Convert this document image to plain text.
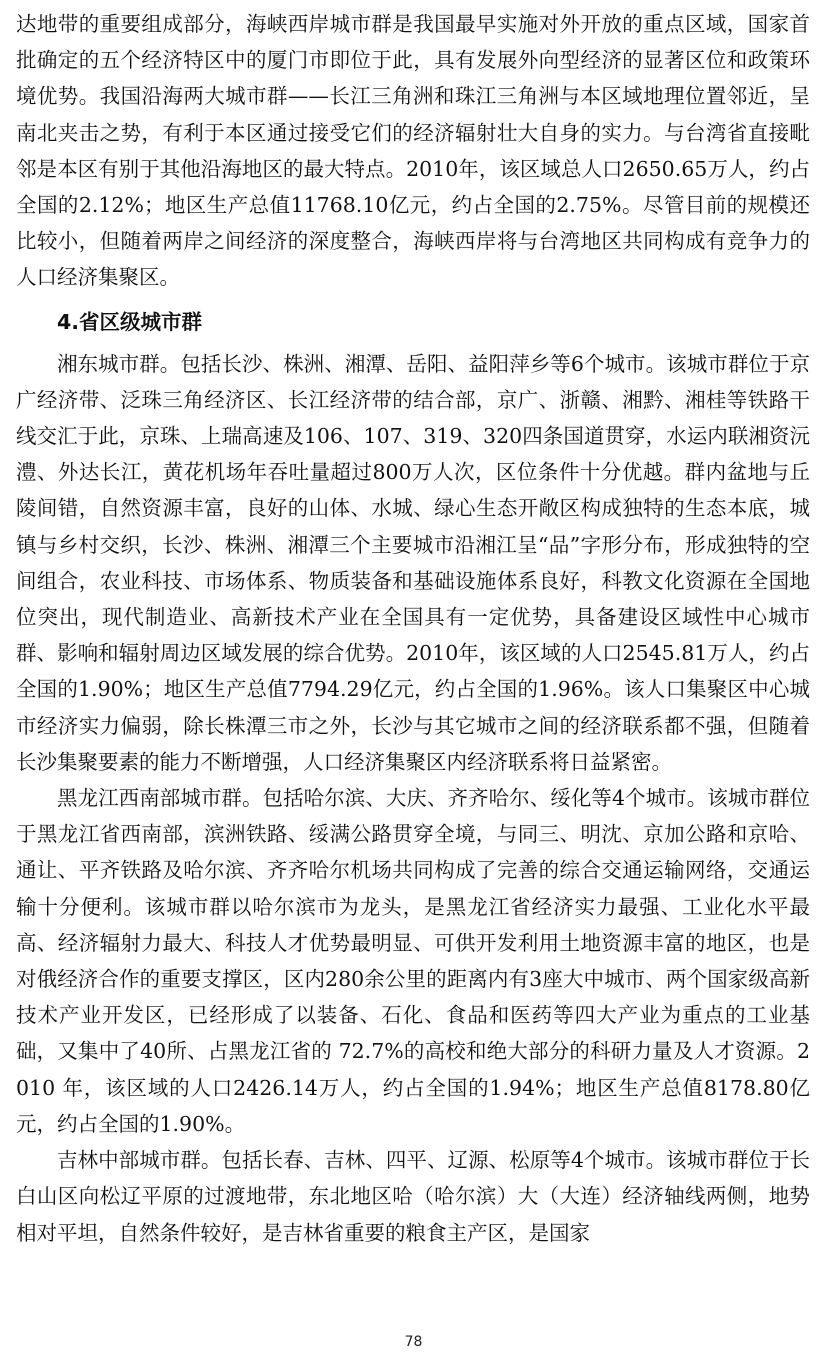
达地带的重要组成部分，海峡西岸城市群是我国最早实施对外开放的重点区域，国家首批确定的五个经济特区中的厦门市即位于此，具有发展外向型经济的显著区位和政策环境优势。我国沿海两大城市群——长江三角洲和珠江三角洲与本区域地理位置邻近，呈南北夹击之势，有利于本区通过接受它们的经济辐射壮大自身的实力。与台湾省直接毗邻是本区有别于其他沿海地区的最大特点。2010年，该区域总人口2650.65万人，约占全国的2.12%；地区生产总值11768.10亿元，约占全国的2.75%。尽管目前的规模还比较小，但随着两岸之间经济的深度整合，海峡西岸将与台湾地区共同构成有竞争力的人口经济集聚区。

4.省区级城市群

湘东城市群。包括长沙、株洲、湘潭、岳阳、益阳萍乡等6个城市。该城市群位于京广经济带、泛珠三角经济区、长江经济带的结合部，京广、浙赣、湘黔、湘桂等铁路干线交汇于此，京珠、上瑞高速及106、107、319、320四条国道贯穿，水运内联湘资沅澧、外达长江，黄花机场年吞吐量超过800万人次，区位条件十分优越。群内盆地与丘陵间错，自然资源丰富，良好的山体、水城、绿心生态开敞区构成独特的生态本底，城镇与乡村交织，长沙、株洲、湘潭三个主要城市沿湘江呈“品”字形分布，形成独特的空间组合，农业科技、市场体系、物质装备和基础设施体系良好，科教文化资源在全国地位突出，现代制造业、高新技术产业在全国具有一定优势，具备建设区域性中心城市群、影响和辐射周边区域发展的综合优势。2010年，该区域的人口2545.81万人，约占全国的1.90%；地区生产总值7794.29亿元，约占全国的1.96%。该人口集聚区中心城市经济实力偏弱，除长株潭三市之外，长沙与其它城市之间的经济联系都不强，但随着长沙集聚要素的能力不断增强，人口经济集聚区内经济联系将日益紧密。

黑龙江西南部城市群。包括哈尔滨、大庆、齐齐哈尔、绥化等4个城市。该城市群位于黑龙江省西南部，滨洲铁路、绥满公路贯穿全境，与同三、明沈、京加公路和京哈、通让、平齐铁路及哈尔滨、齐齐哈尔机场共同构成了完善的综合交通运输网络，交通运输十分便利。该城市群以哈尔滨市为龙头，是黑龙江省经济实力最强、工业化水平最高、经济辐射力最大、科技人才优势最明显、可供开发利用土地资源丰富的地区，也是对俄经济合作的重要支撑区，区内280余公里的距离内有3座大中城市、两个国家级高新技术产业开发区，已经形成了以装备、石化、食品和医药等四大产业为重点的工业基础，又集中了40所、占黑龙江省的 72.7%的高校和绝大部分的科研力量及人才资源。2010 年，该区域的人口2426.14万人，约占全国的1.94%；地区生产总值8178.80亿元，约占全国的1.90%。

吉林中部城市群。包括长春、吉林、四平、辽源、松原等4个城市。该城市群位于长白山区向松辽平原的过渡地带，东北地区哈（哈尔滨）大（大连）经济轴线两侧，地势相对平坦，自然条件较好，是吉林省重要的粮食主产区，是国家

78
